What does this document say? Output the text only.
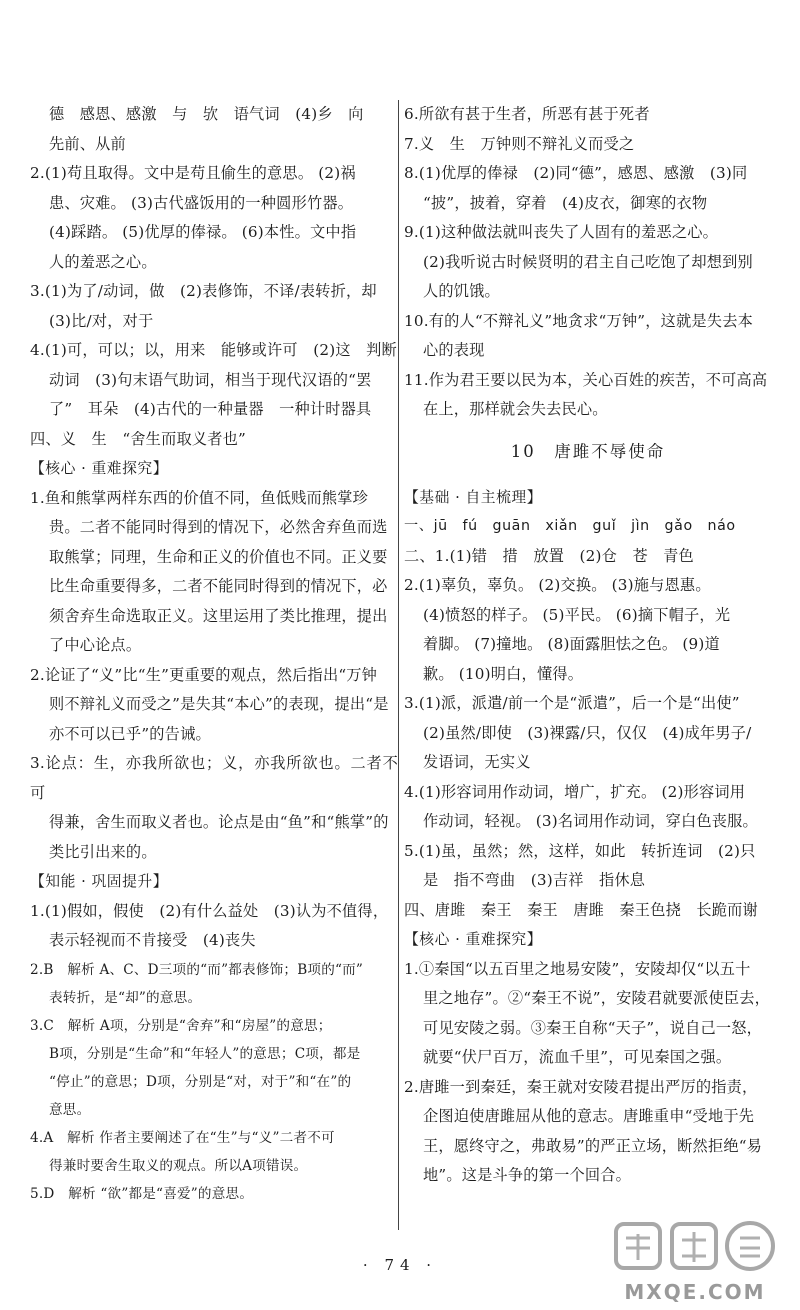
德　感恩、感激　与　欤　语气词　(4)乡　向

先前、从前

2.(1)苟且取得。文中是苟且偷生的意思。 (2)祸

患、灾难。 (3)古代盛饭用的一种圆形竹器。

(4)踩踏。 (5)优厚的俸禄。 (6)本性。文中指

人的羞恶之心。

3.(1)为了/动词，做　(2)表修饰，不译/表转折，却

(3)比/对，对于

4.(1)可，可以；以，用来　能够或许可　(2)这　判断

动词　(3)句末语气助词，相当于现代汉语的“罢

了”　耳朵　(4)古代的一种量器　一种计时器具

四、义　生　“舍生而取义者也”

【核心 · 重难探究】

1.鱼和熊掌两样东西的价值不同，鱼低贱而熊掌珍

贵。二者不能同时得到的情况下，必然舍弃鱼而选

取熊掌；同理，生命和正义的价值也不同。正义要

比生命重要得多，二者不能同时得到的情况下，必

须舍弃生命选取正义。这里运用了类比推理，提出

了中心论点。

2.论证了“义”比“生”更重要的观点，然后指出“万钟

则不辩礼义而受之”是失其“本心”的表现，提出“是

亦不可以已乎”的告诫。

3.论点：生，亦我所欲也；义，亦我所欲也。二者不可

得兼，舍生而取义者也。论点是由“鱼”和“熊掌”的

类比引出来的。

【知能 · 巩固提升】

1.(1)假如，假使　(2)有什么益处　(3)认为不值得，

表示轻视而不肯接受　(4)丧失

2.B　解析 A、C、D三项的“而”都表修饰；B项的“而”

表转折，是“却”的意思。

3.C　解析 A项，分别是“舍弃”和“房屋”的意思；

B项，分别是“生命”和“年轻人”的意思；C项，都是

“停止”的意思；D项，分别是“对，对于”和“在”的

意思。

4.A　解析 作者主要阐述了在“生”与“义”二者不可

得兼时要舍生取义的观点。所以A项错误。

5.D　解析 “欲”都是“喜爱”的意思。

6.所欲有甚于生者，所恶有甚于死者

7.义　生　万钟则不辩礼义而受之

8.(1)优厚的俸禄　(2)同“德”，感恩、感激　(3)同

“披”，披着，穿着　(4)皮衣，御寒的衣物

9.(1)这种做法就叫丧失了人固有的羞恶之心。

(2)我听说古时候贤明的君主自己吃饱了却想到别

人的饥饿。

10.有的人“不辩礼义”地贪求“万钟”，这就是失去本

心的表现

11.作为君王要以民为本，关心百姓的疾苦，不可高高

在上，那样就会失去民心。

10　唐雎不辱使命

【基础 · 自主梳理】

一、jū　fú　guān　xiǎn　guǐ　jìn　gǎo　náo

二、1.(1)错　措　放置　(2)仓　苍　青色

2.(1)辜负，辜负。 (2)交换。 (3)施与恩惠。

(4)愤怒的样子。 (5)平民。 (6)摘下帽子，光

着脚。 (7)撞地。 (8)面露胆怯之色。 (9)道

歉。 (10)明白，懂得。

3.(1)派，派遣/前一个是“派遣”，后一个是“出使”

(2)虽然/即使　(3)裸露/只，仅仅　(4)成年男子/

发语词，无实义

4.(1)形容词用作动词，增广，扩充。 (2)形容词用

作动词，轻视。 (3)名词用作动词，穿白色丧服。

5.(1)虽，虽然；然，这样，如此　转折连词　(2)只

是　指不弯曲　(3)吉祥　指休息

四、唐雎　秦王　秦王　唐雎　秦王色挠　长跪而谢

【核心 · 重难探究】

1.①秦国“以五百里之地易安陵”，安陵却仅“以五十

里之地存”。②“秦王不说”，安陵君就要派使臣去，

可见安陵之弱。③秦王自称“天子”，说自己一怒，

就要“伏尸百万，流血千里”，可见秦国之强。

2.唐雎一到秦廷，秦王就对安陵君提出严厉的指责，

企图迫使唐雎屈从他的意志。唐雎重申“受地于先

王，愿终守之，弗敢易”的严正立场，断然拒绝“易

地”。这是斗争的第一个回合。

· 74 ·
MXQE.COM
